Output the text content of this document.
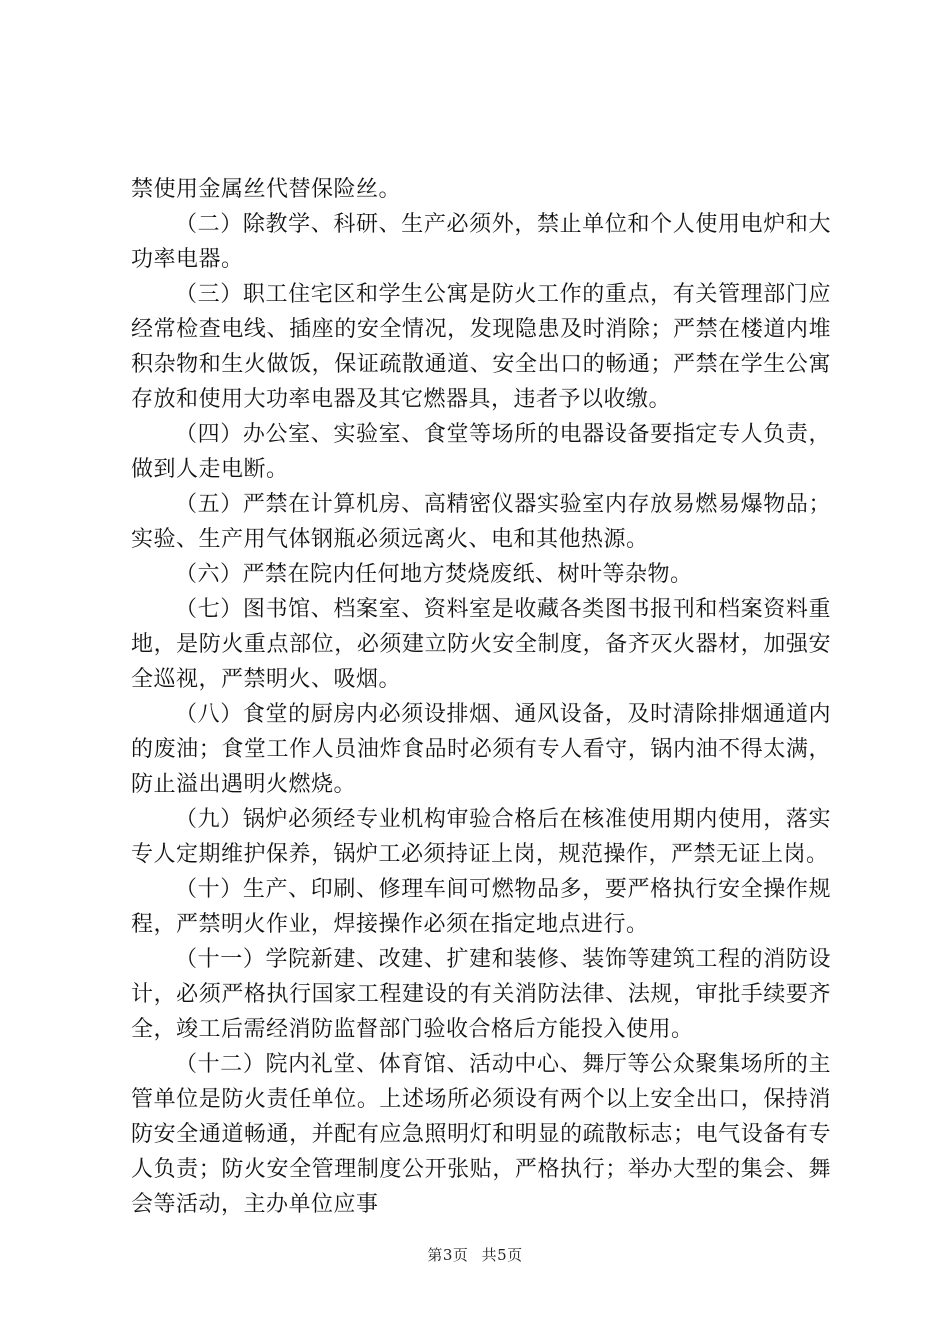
禁使用金属丝代替保险丝。

（二）除教学、科研、生产必须外，禁止单位和个人使用电炉和大功率电器。

（三）职工住宅区和学生公寓是防火工作的重点，有关管理部门应经常检查电线、插座的安全情况，发现隐患及时消除；严禁在楼道内堆积杂物和生火做饭，保证疏散通道、安全出口的畅通；严禁在学生公寓存放和使用大功率电器及其它燃器具，违者予以收缴。

（四）办公室、实验室、食堂等场所的电器设备要指定专人负责，做到人走电断。

（五）严禁在计算机房、高精密仪器实验室内存放易燃易爆物品；实验、生产用气体钢瓶必须远离火、电和其他热源。

（六）严禁在院内任何地方焚烧废纸、树叶等杂物。

（七）图书馆、档案室、资料室是收藏各类图书报刊和档案资料重地，是防火重点部位，必须建立防火安全制度，备齐灭火器材，加强安全巡视，严禁明火、吸烟。

（八）食堂的厨房内必须设排烟、通风设备，及时清除排烟通道内的废油；食堂工作人员油炸食品时必须有专人看守，锅内油不得太满，防止溢出遇明火燃烧。

（九）锅炉必须经专业机构审验合格后在核准使用期内使用，落实专人定期维护保养，锅炉工必须持证上岗，规范操作，严禁无证上岗。

（十）生产、印刷、修理车间可燃物品多，要严格执行安全操作规程，严禁明火作业，焊接操作必须在指定地点进行。

（十一）学院新建、改建、扩建和装修、装饰等建筑工程的消防设计，必须严格执行国家工程建设的有关消防法律、法规，审批手续要齐全，竣工后需经消防监督部门验收合格后方能投入使用。

（十二）院内礼堂、体育馆、活动中心、舞厅等公众聚集场所的主管单位是防火责任单位。上述场所必须设有两个以上安全出口，保持消防安全通道畅通，并配有应急照明灯和明显的疏散标志；电气设备有专人负责；防火安全管理制度公开张贴，严格执行；举办大型的集会、舞会等活动，主办单位应事

第3页 共5页
